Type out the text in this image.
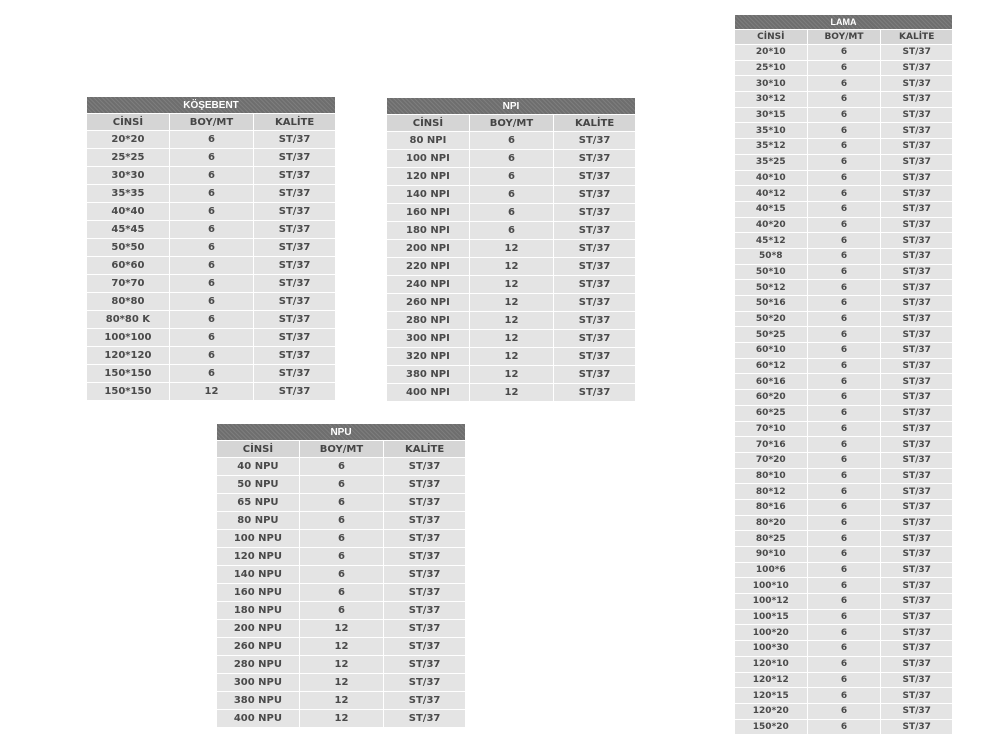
KÖŞEBENT		
CİNSİ	BOY/MT	KALİTE
20*20	6	ST/37
25*25	6	ST/37
30*30	6	ST/37
35*35	6	ST/37
40*40	6	ST/37
45*45	6	ST/37
50*50	6	ST/37
60*60	6	ST/37
70*70	6	ST/37
80*80	6	ST/37
80*80 K	6	ST/37
100*100	6	ST/37
120*120	6	ST/37
150*150	6	ST/37
150*150	12	ST/37
NPI		
CİNSİ	BOY/MT	KALİTE
80 NPI	6	ST/37
100 NPI	6	ST/37
120 NPI	6	ST/37
140 NPI	6	ST/37
160 NPI	6	ST/37
180 NPI	6	ST/37
200 NPI	12	ST/37
220 NPI	12	ST/37
240 NPI	12	ST/37
260 NPI	12	ST/37
280 NPI	12	ST/37
300 NPI	12	ST/37
320 NPI	12	ST/37
380 NPI	12	ST/37
400 NPI	12	ST/37
NPU		
CİNSİ	BOY/MT	KALİTE
40 NPU	6	ST/37
50 NPU	6	ST/37
65 NPU	6	ST/37
80 NPU	6	ST/37
100 NPU	6	ST/37
120 NPU	6	ST/37
140 NPU	6	ST/37
160 NPU	6	ST/37
180 NPU	6	ST/37
200 NPU	12	ST/37
260 NPU	12	ST/37
280 NPU	12	ST/37
300 NPU	12	ST/37
380 NPU	12	ST/37
400 NPU	12	ST/37
LAMA		
CİNSİ	BOY/MT	KALİTE
20*10	6	ST/37
25*10	6	ST/37
30*10	6	ST/37
30*12	6	ST/37
30*15	6	ST/37
35*10	6	ST/37
35*12	6	ST/37
35*25	6	ST/37
40*10	6	ST/37
40*12	6	ST/37
40*15	6	ST/37
40*20	6	ST/37
45*12	6	ST/37
50*8	6	ST/37
50*10	6	ST/37
50*12	6	ST/37
50*16	6	ST/37
50*20	6	ST/37
50*25	6	ST/37
60*10	6	ST/37
60*12	6	ST/37
60*16	6	ST/37
60*20	6	ST/37
60*25	6	ST/37
70*10	6	ST/37
70*16	6	ST/37
70*20	6	ST/37
80*10	6	ST/37
80*12	6	ST/37
80*16	6	ST/37
80*20	6	ST/37
80*25	6	ST/37
90*10	6	ST/37
100*6	6	ST/37
100*10	6	ST/37
100*12	6	ST/37
100*15	6	ST/37
100*20	6	ST/37
100*30	6	ST/37
120*10	6	ST/37
120*12	6	ST/37
120*15	6	ST/37
120*20	6	ST/37
150*20	6	ST/37
